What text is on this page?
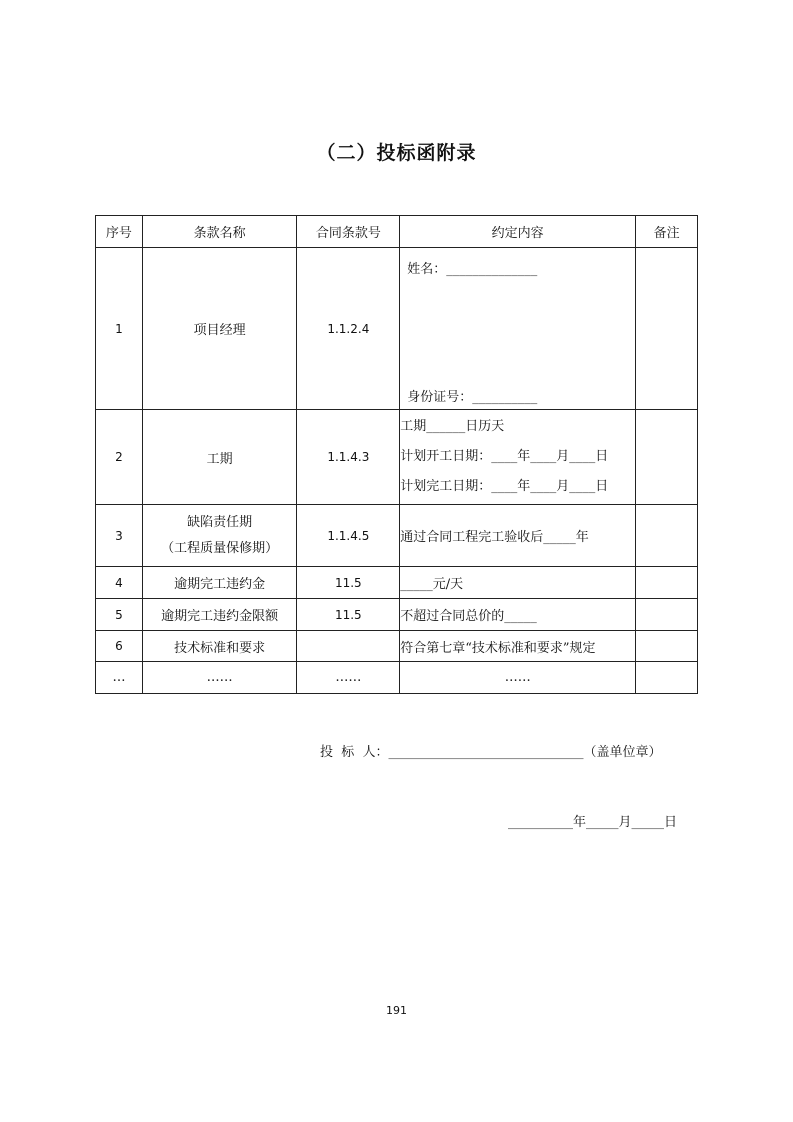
（二）投标函附录
序号	条款名称	合同条款号	约定内容	备注
1	项目经理	1.1.2.4	姓名：______________
身份证号：__________	

2	工期	1.1.4.3	工期______日历天
计划开工日期：____年____月____日
计划完工日期：____年____月____日	

3	缺陷责任期
（工程质量保修期）	1.1.4.5	通过合同工程完工验收后_____年	
4	逾期完工违约金	11.5	_____元/天	
5	逾期完工违约金限额	11.5	不超过合同总价的_____	
6	技术标准和要求		符合第七章“技术标准和要求”规定	
…	……	……	……	
投  标  人：______________________________（盖单位章）
__________年_____月_____日
191
